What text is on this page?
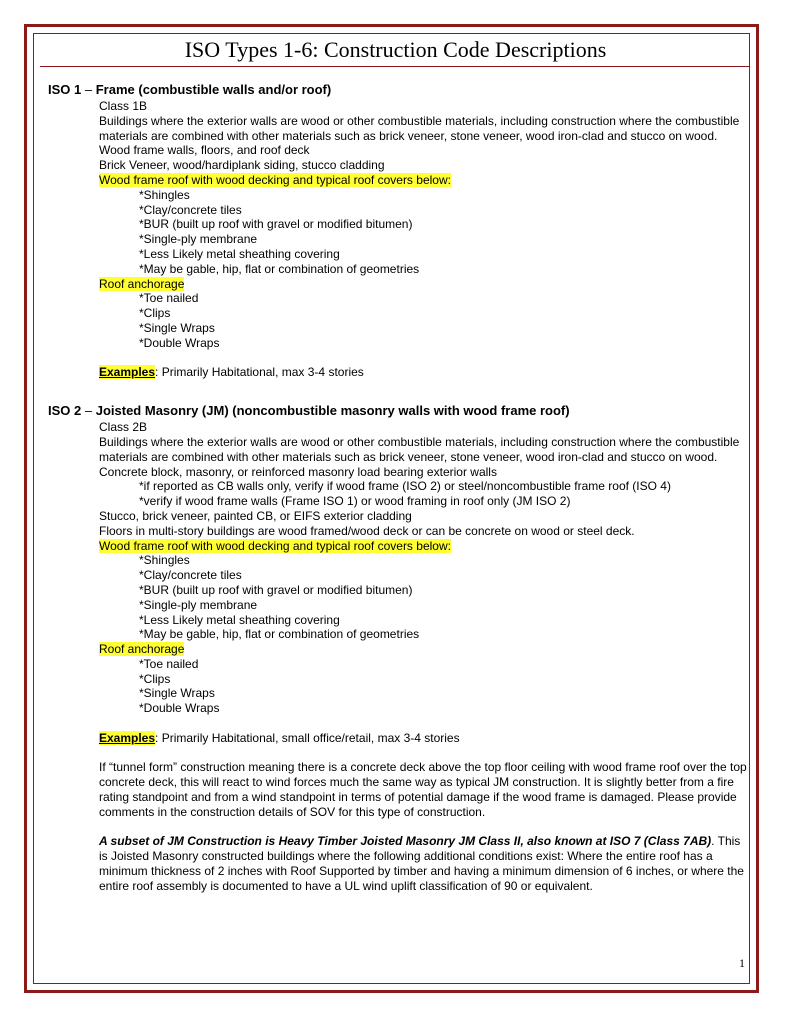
ISO Types 1-6: Construction Code Descriptions
ISO 1 – Frame (combustible walls and/or roof)
Class 1B
Buildings where the exterior walls are wood or other combustible materials, including construction where the combustible materials are combined with other materials such as brick veneer, stone veneer, wood iron-clad and stucco on wood.
Wood frame walls, floors, and roof deck
Brick Veneer, wood/hardiplank siding, stucco cladding
Wood frame roof with wood decking and typical roof covers below:
*Shingles
*Clay/concrete tiles
*BUR (built up roof with gravel or modified bitumen)
*Single-ply membrane
*Less Likely metal sheathing covering
*May be gable, hip, flat or combination of geometries
Roof anchorage
*Toe nailed
*Clips
*Single Wraps
*Double Wraps
Examples: Primarily Habitational, max 3-4 stories
ISO 2 – Joisted Masonry (JM) (noncombustible masonry walls with wood frame roof)
Class 2B
Buildings where the exterior walls are wood or other combustible materials, including construction where the combustible materials are combined with other materials such as brick veneer, stone veneer, wood iron-clad and stucco on wood.
Concrete block, masonry, or reinforced masonry load bearing exterior walls
*if reported as CB walls only, verify if wood frame (ISO 2) or steel/noncombustible frame roof (ISO 4)
*verify if wood frame walls (Frame ISO 1) or wood framing in roof only (JM ISO 2)
Stucco, brick veneer, painted CB, or EIFS exterior cladding
Floors in multi-story buildings are wood framed/wood deck or can be concrete on wood or steel deck.
Wood frame roof with wood decking and typical roof covers below:
*Shingles
*Clay/concrete tiles
*BUR (built up roof with gravel or modified bitumen)
*Single-ply membrane
*Less Likely metal sheathing covering
*May be gable, hip, flat or combination of geometries
Roof anchorage
*Toe nailed
*Clips
*Single Wraps
*Double Wraps
Examples: Primarily Habitational, small office/retail, max 3-4 stories
If “tunnel form” construction meaning there is a concrete deck above the top floor ceiling with wood frame roof over the top concrete deck, this will react to wind forces much the same way as typical JM construction. It is slightly better from a fire rating standpoint and from a wind standpoint in terms of potential damage if the wood frame is damaged. Please provide comments in the construction details of SOV for this type of construction.
A subset of JM Construction is Heavy Timber Joisted Masonry JM Class II, also known at ISO 7 (Class 7AB). This is Joisted Masonry constructed buildings where the following additional conditions exist: Where the entire roof has a minimum thickness of 2 inches with Roof Supported by timber and having a minimum dimension of 6 inches, or where the entire roof assembly is documented to have a UL wind uplift classification of 90 or equivalent.
1
